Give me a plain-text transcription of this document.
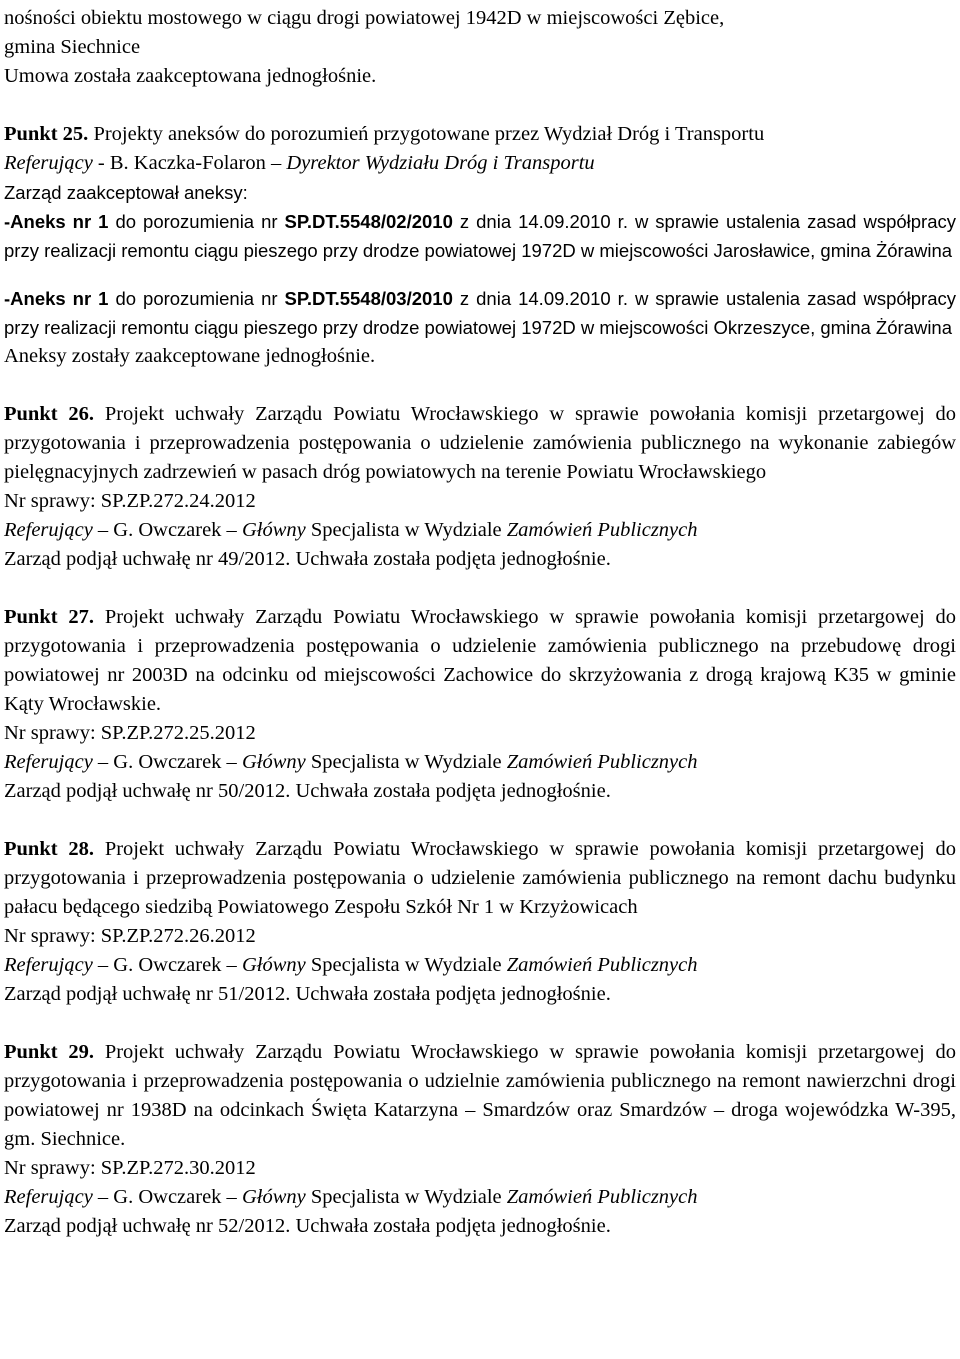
nośności obiektu mostowego w ciągu drogi powiatowej 1942D w miejscowości Zębice,

gmina Siechnice

Umowa została zaakceptowana jednogłośnie.

Punkt 25. Projekty aneksów do porozumień przygotowane przez Wydział Dróg i Transportu

Referujący - B. Kaczka-Folaron – Dyrektor Wydziału Dróg i Transportu

Zarząd zaakceptował aneksy:

-Aneks nr 1 do porozumienia nr SP.DT.5548/02/2010 z dnia 14.09.2010 r. w sprawie ustalenia zasad współpracy przy realizacji remontu ciągu pieszego przy drodze powiatowej 1972D w miejscowości Jarosławice, gmina Żórawina

-Aneks nr 1 do porozumienia nr SP.DT.5548/03/2010 z dnia 14.09.2010 r. w sprawie ustalenia zasad współpracy przy realizacji remontu ciągu pieszego przy drodze powiatowej 1972D w miejscowości Okrzeszyce, gmina Żórawina

Aneksy zostały zaakceptowane jednogłośnie.

Punkt 26. Projekt uchwały Zarządu Powiatu Wrocławskiego w sprawie powołania komisji przetargowej do przygotowania i przeprowadzenia postępowania o udzielenie zamówienia publicznego na wykonanie zabiegów pielęgnacyjnych zadrzewień w pasach dróg powiatowych na terenie Powiatu Wrocławskiego

Nr sprawy: SP.ZP.272.24.2012

Referujący – G. Owczarek – Główny Specjalista w Wydziale Zamówień Publicznych

Zarząd podjął uchwałę nr 49/2012. Uchwała została podjęta jednogłośnie.

Punkt 27. Projekt uchwały Zarządu Powiatu Wrocławskiego w sprawie powołania komisji przetargowej do przygotowania i przeprowadzenia postępowania o udzielenie zamówienia publicznego na przebudowę drogi powiatowej nr 2003D na odcinku od miejscowości Zachowice do skrzyżowania z drogą krajową K35 w gminie Kąty Wrocławskie.

Nr sprawy: SP.ZP.272.25.2012

Referujący – G. Owczarek – Główny Specjalista w Wydziale Zamówień Publicznych

Zarząd podjął uchwałę nr 50/2012. Uchwała została podjęta jednogłośnie.

Punkt 28. Projekt uchwały Zarządu Powiatu Wrocławskiego w sprawie powołania komisji przetargowej do przygotowania i przeprowadzenia postępowania o udzielenie zamówienia publicznego na remont dachu budynku pałacu będącego siedzibą Powiatowego Zespołu Szkół Nr 1 w Krzyżowicach

Nr sprawy: SP.ZP.272.26.2012

Referujący – G. Owczarek – Główny Specjalista w Wydziale Zamówień Publicznych

Zarząd podjął uchwałę nr 51/2012. Uchwała została podjęta jednogłośnie.

Punkt 29. Projekt uchwały Zarządu Powiatu Wrocławskiego w sprawie powołania komisji przetargowej do przygotowania i przeprowadzenia postępowania o udzielnie zamówienia publicznego na remont nawierzchni drogi powiatowej nr 1938D na odcinkach Święta Katarzyna – Smardzów oraz Smardzów – droga wojewódzka W-395, gm. Siechnice.

Nr sprawy: SP.ZP.272.30.2012

Referujący – G. Owczarek – Główny Specjalista w Wydziale Zamówień Publicznych

Zarząd podjął uchwałę nr 52/2012. Uchwała została podjęta jednogłośnie.
